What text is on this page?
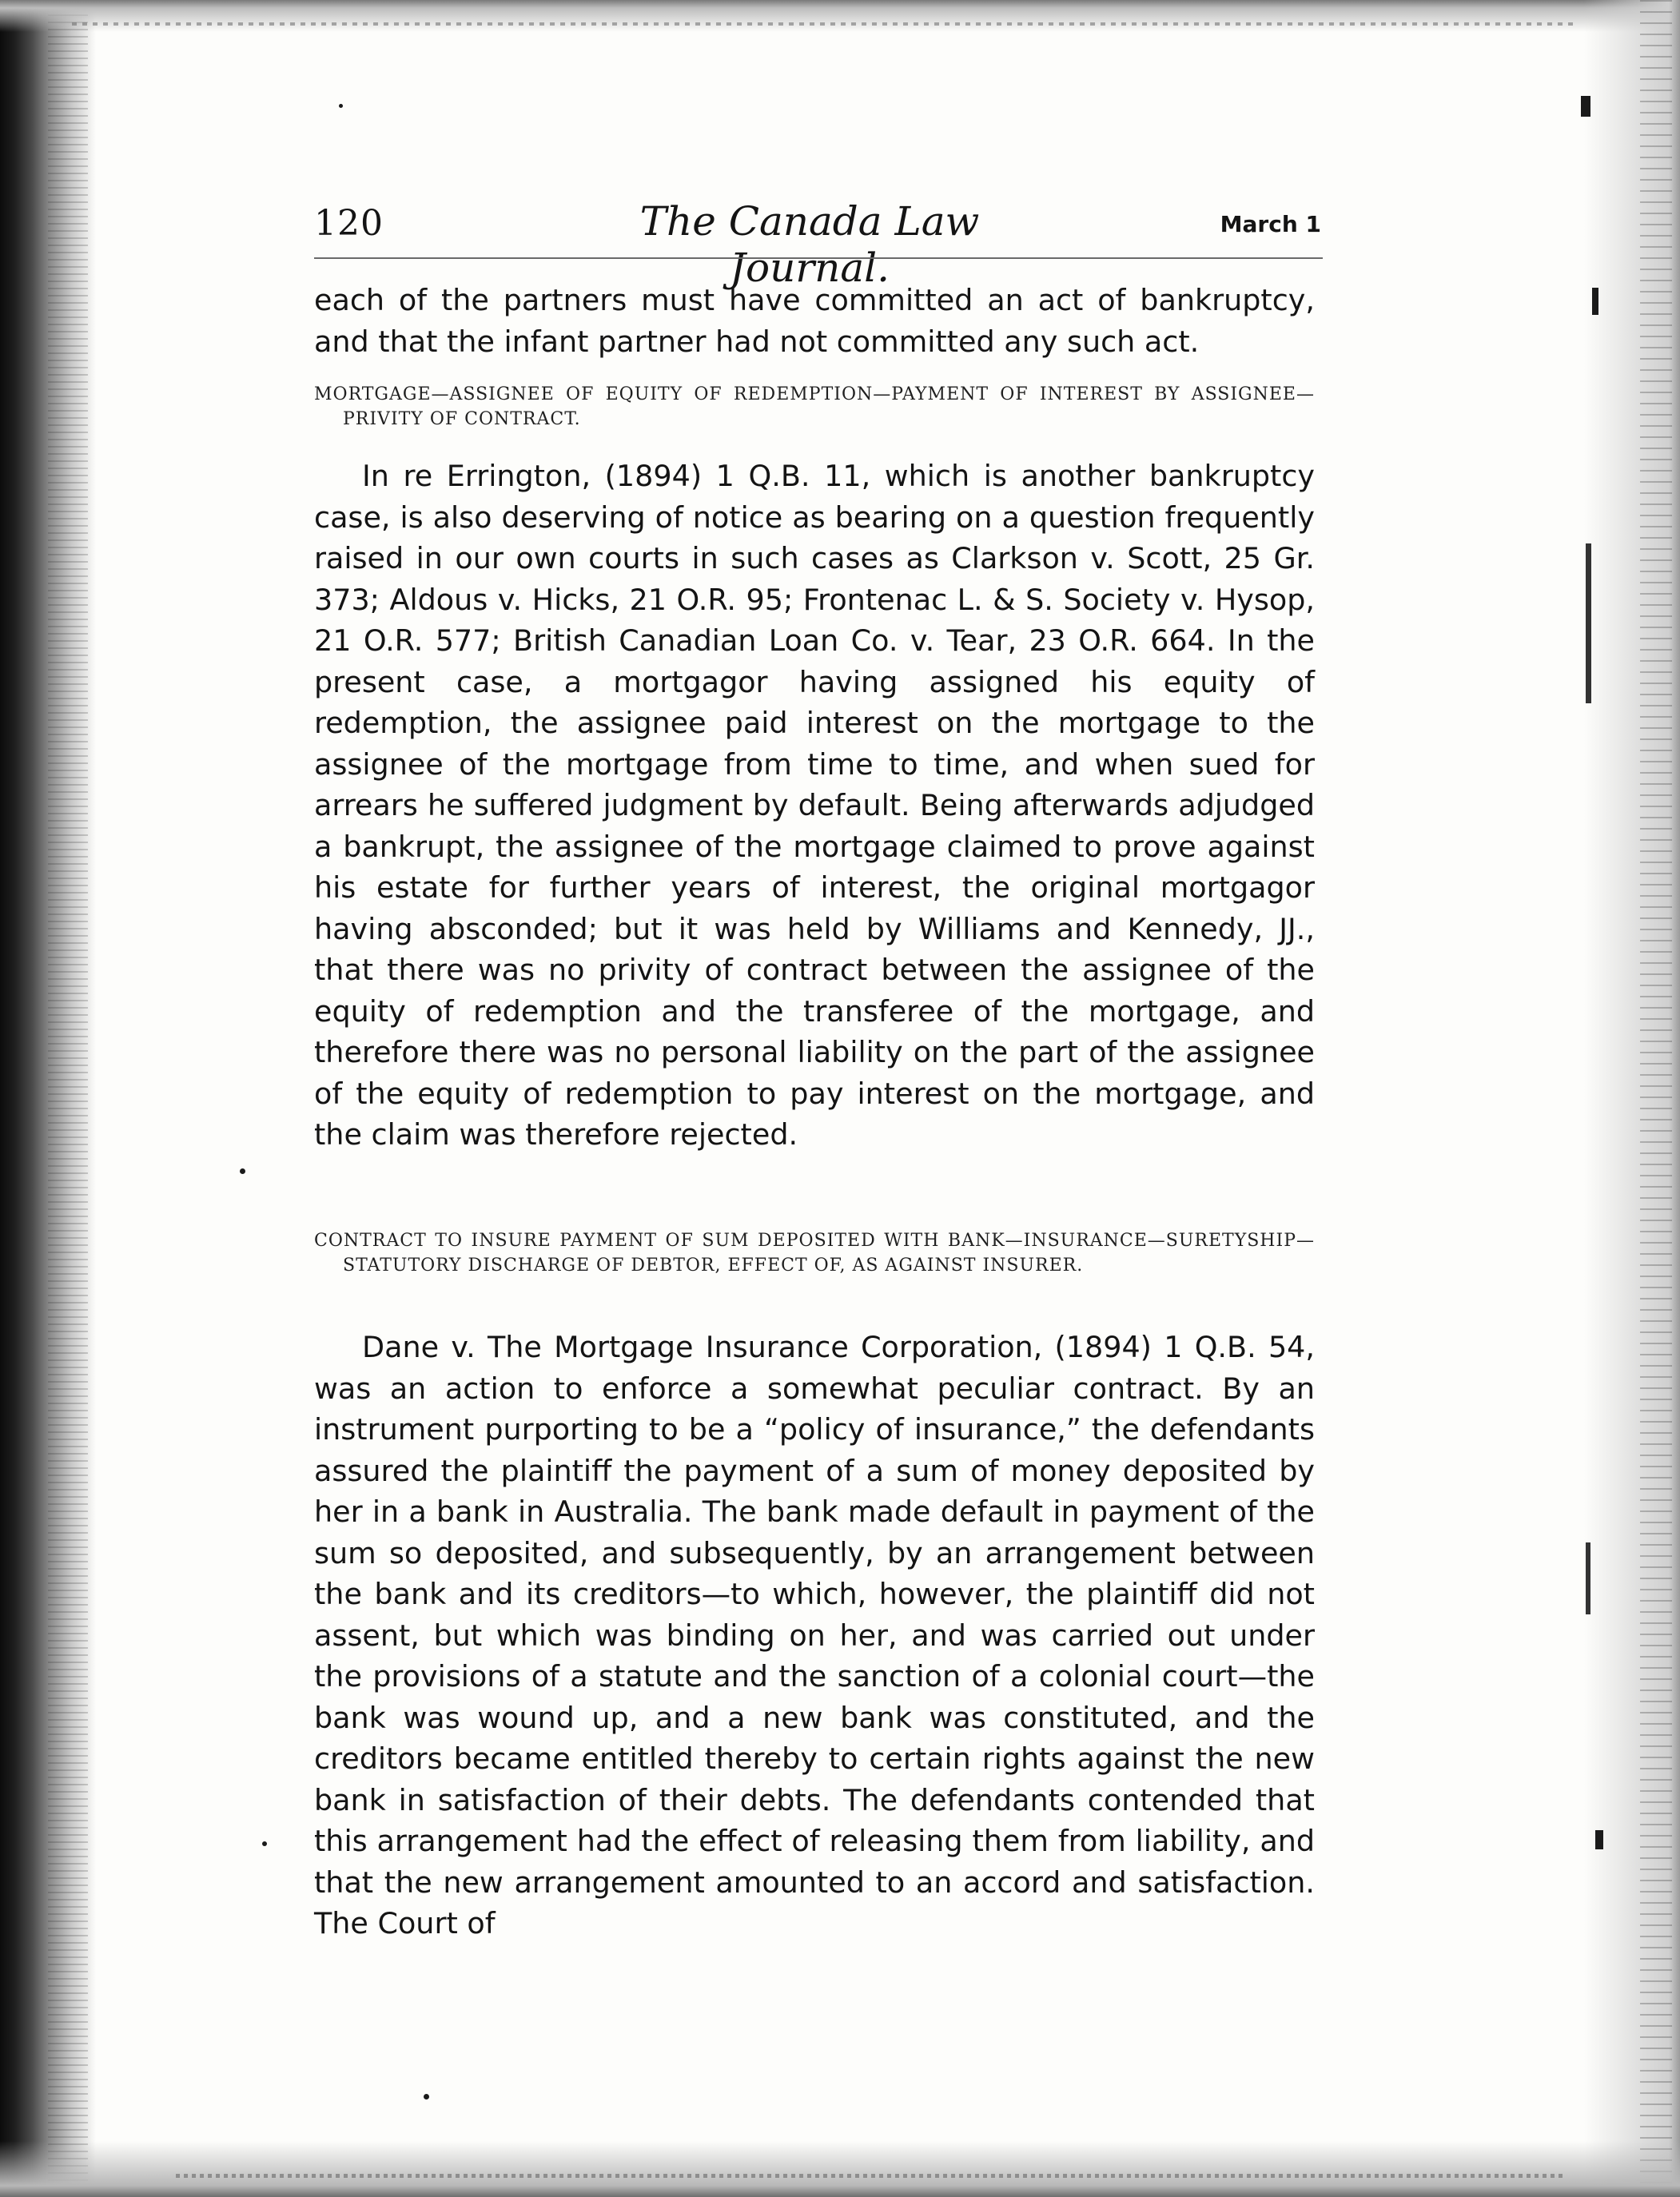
120	The Canada Law Journal.
March 1
each of the partners must have committed an act of bankruptcy, and that the infant partner had not committed any such act.
MORTGAGE—ASSIGNEE OF EQUITY OF REDEMPTION—PAYMENT OF INTEREST BY ASSIGNEE—PRIVITY OF CONTRACT.
In re Errington, (1894) 1 Q.B. 11, which is another bankruptcy case, is also deserving of notice as bearing on a question frequently raised in our own courts in such cases as Clarkson v. Scott, 25 Gr. 373; Aldous v. Hicks, 21 O.R. 95; Frontenac L. & S. Society v. Hysop, 21 O.R. 577; British Canadian Loan Co. v. Tear, 23 O.R. 664. In the present case, a mortgagor having assigned his equity of redemption, the assignee paid interest on the mortgage to the assignee of the mortgage from time to time, and when sued for arrears he suffered judgment by default. Being afterwards adjudged a bankrupt, the assignee of the mortgage claimed to prove against his estate for further years of interest, the original mortgagor having absconded; but it was held by Williams and Kennedy, JJ., that there was no privity of contract between the assignee of the equity of redemption and the transferee of the mortgage, and therefore there was no personal liability on the part of the assignee of the equity of redemption to pay interest on the mortgage, and the claim was therefore rejected.
CONTRACT TO INSURE PAYMENT OF SUM DEPOSITED WITH BANK—INSURANCE—SURETYSHIP—STATUTORY DISCHARGE OF DEBTOR, EFFECT OF, AS AGAINST INSURER.
Dane v. The Mortgage Insurance Corporation, (1894) 1 Q.B. 54, was an action to enforce a somewhat peculiar contract. By an instrument purporting to be a “policy of insurance,” the defendants assured the plaintiff the payment of a sum of money deposited by her in a bank in Australia. The bank made default in payment of the sum so deposited, and subsequently, by an arrangement between the bank and its creditors—to which, however, the plaintiff did not assent, but which was binding on her, and was carried out under the provisions of a statute and the sanction of a colonial court—the bank was wound up, and a new bank was constituted, and the creditors became entitled thereby to certain rights against the new bank in satisfaction of their debts. The defendants contended that this arrangement had the effect of releasing them from liability, and that the new arrangement amounted to an accord and satisfaction. The Court of
